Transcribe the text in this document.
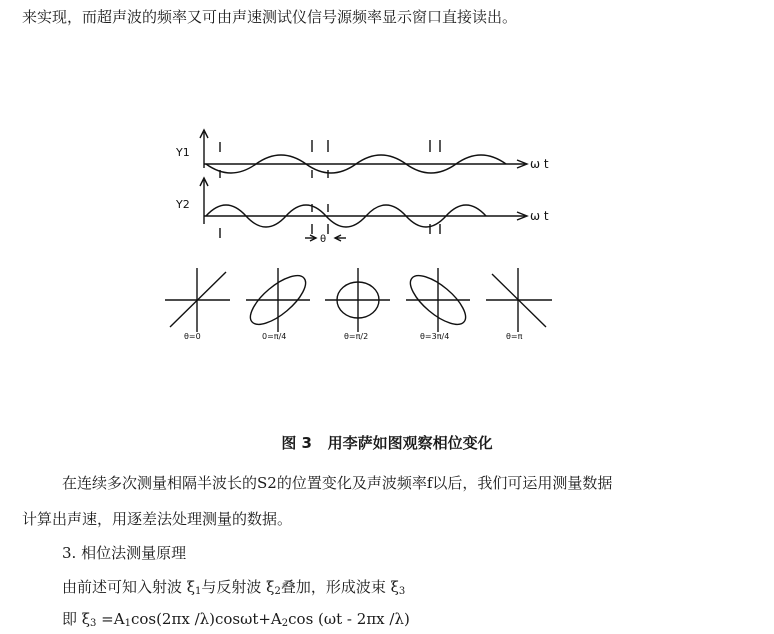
来实现，而超声波的频率又可由声速测试仪信号源频率显示窗口直接读出。

Y1
Y2
ω t
ω t
θ
θ=0	0=π/4	θ=π/2	θ=3π/4	θ=π
图 3 用李萨如图观察相位变化

在连续多次测量相隔半波长的S2的位置变化及声波频率f以后，我们可运用测量数据

计算出声速，用逐差法处理测量的数据。

3. 相位法测量原理

由前述可知入射波 $\xi_1$与反射波 $\xi_2$叠加，形成波束 $\xi_3$

即 $\xi_3 =A_1\cos(2\pi x$ $/\lambda)\cos\omega t+A_2\cos$ (ωt - 2πx /λ)
